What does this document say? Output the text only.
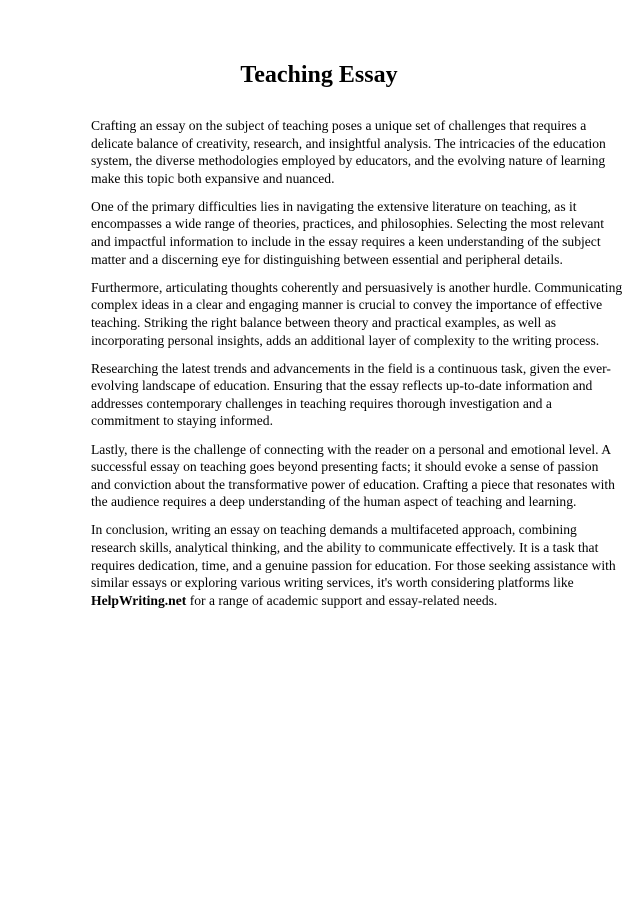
Teaching Essay

Crafting an essay on the subject of teaching poses a unique set of challenges that requires a
delicate balance of creativity, research, and insightful analysis. The intricacies of the education
system, the diverse methodologies employed by educators, and the evolving nature of learning
make this topic both expansive and nuanced.

One of the primary difficulties lies in navigating the extensive literature on teaching, as it
encompasses a wide range of theories, practices, and philosophies. Selecting the most relevant
and impactful information to include in the essay requires a keen understanding of the subject
matter and a discerning eye for distinguishing between essential and peripheral details.

Furthermore, articulating thoughts coherently and persuasively is another hurdle. Communicating
complex ideas in a clear and engaging manner is crucial to convey the importance of effective
teaching. Striking the right balance between theory and practical examples, as well as
incorporating personal insights, adds an additional layer of complexity to the writing process.

Researching the latest trends and advancements in the field is a continuous task, given the ever-
evolving landscape of education. Ensuring that the essay reflects up-to-date information and
addresses contemporary challenges in teaching requires thorough investigation and a
commitment to staying informed.

Lastly, there is the challenge of connecting with the reader on a personal and emotional level. A
successful essay on teaching goes beyond presenting facts; it should evoke a sense of passion
and conviction about the transformative power of education. Crafting a piece that resonates with
the audience requires a deep understanding of the human aspect of teaching and learning.

In conclusion, writing an essay on teaching demands a multifaceted approach, combining
research skills, analytical thinking, and the ability to communicate effectively. It is a task that
requires dedication, time, and a genuine passion for education. For those seeking assistance with
similar essays or exploring various writing services, it's worth considering platforms like
HelpWriting.net for a range of academic support and essay-related needs.
